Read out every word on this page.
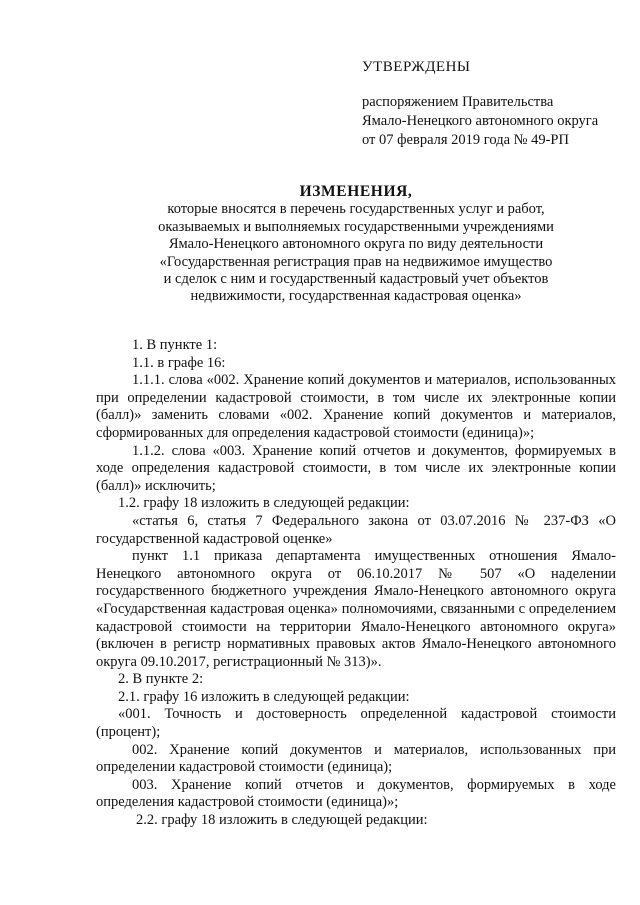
УТВЕРЖДЕНЫ
распоряжением Правительства
Ямало-Ненецкого автономного округа
от 07 февраля 2019 года № 49-РП
ИЗМЕНЕНИЯ,
которые вносятся в перечень государственных услуг и работ,
оказываемых и выполняемых государственными учреждениями
Ямало-Ненецкого автономного округа по виду деятельности
«Государственная регистрация прав на недвижимое имущество
и сделок с ним и государственный кадастровый учет объектов
недвижимости, государственная кадастровая оценка»

1. В пункте 1:

1.1. в графе 16:

1.1.1. слова «002. Хранение копий документов и материалов, использованных при определении кадастровой стоимости, в том числе их электронные копии (балл)» заменить словами «002. Хранение копий документов и материалов, сформированных для определения кадастровой стоимости (единица)»;

1.1.2. слова «003. Хранение копий отчетов и документов, формируемых в ходе определения кадастровой стоимости, в том числе их электронные копии (балл)» исключить;

1.2. графу 18 изложить в следующей редакции:

«статья 6, статья 7 Федерального закона от 03.07.2016 № 237-ФЗ «О государственной кадастровой оценке»

пункт 1.1 приказа департамента имущественных отношения Ямало-Ненецкого автономного округа от 06.10.2017 № 507 «О наделении государственного бюджетного учреждения Ямало-Ненецкого автономного округа «Государственная кадастровая оценка» полномочиями, связанными с определением кадастровой стоимости на территории Ямало-Ненецкого автономного округа» (включен в регистр нормативных правовых актов Ямало-Ненецкого автономного округа 09.10.2017, регистрационный № 313)».

2. В пункте 2:

2.1. графу 16 изложить в следующей редакции:

«001. Точность и достоверность определенной кадастровой стоимости (процент);

002. Хранение копий документов и материалов, использованных при определении кадастровой стоимости (единица);

003. Хранение копий отчетов и документов, формируемых в ходе определения кадастровой стоимости (единица)»;

2.2. графу 18 изложить в следующей редакции:
